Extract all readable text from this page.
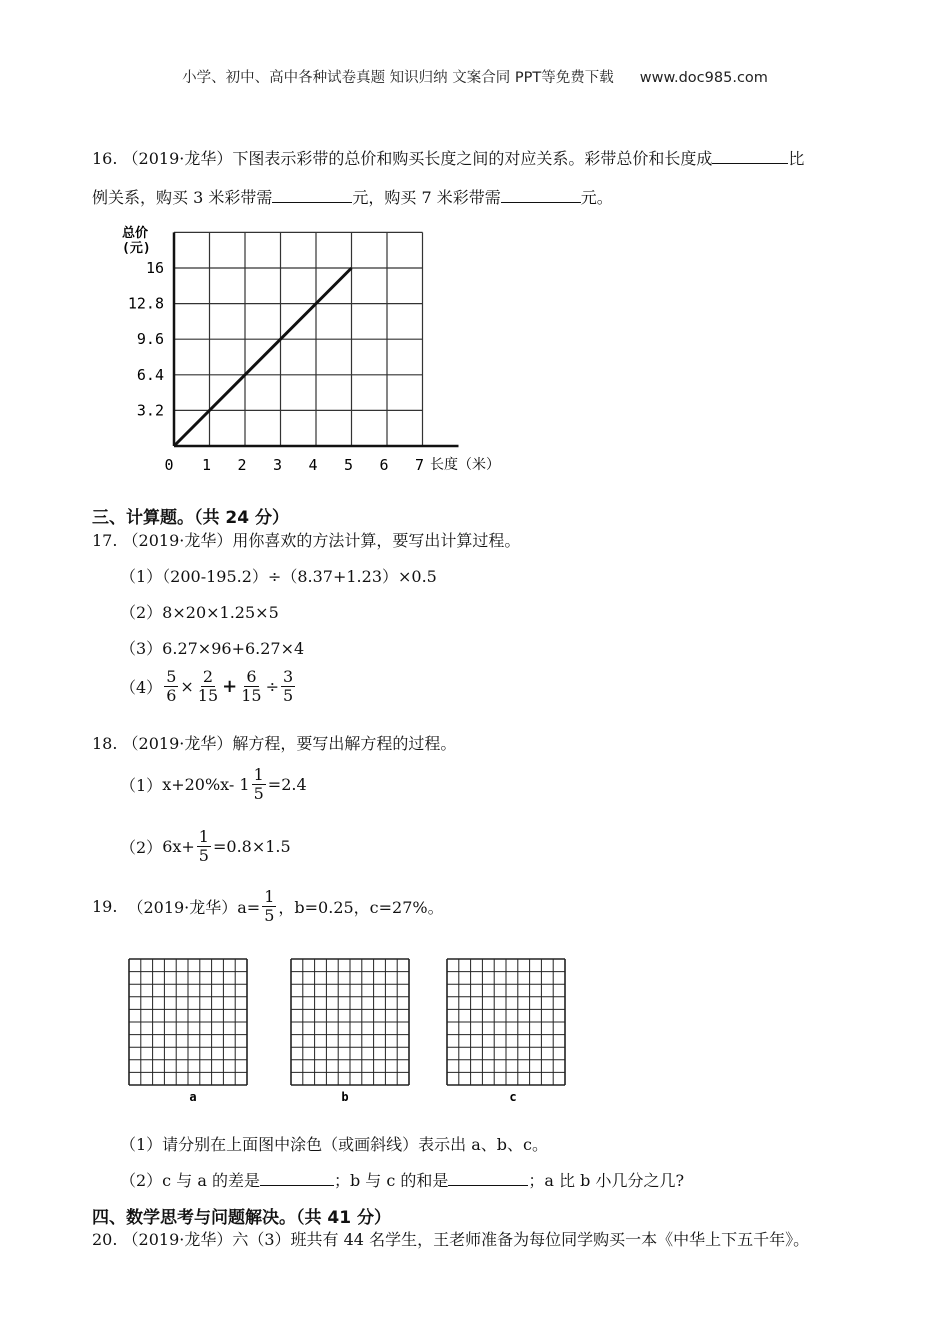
小学、初中、高中各种试卷真题 知识归纳 文案合同 PPT等免费下载 www.doc985.com
16. （2019·龙华）下图表示彩带的总价和购买长度之间的对应关系。彩带总价和长度成	比
例关系，购买 3 米彩带需	元，购买 7 米彩带需	元。
总价
(元)
长度（米）
3.2
6.4
9.6
12.8
16
0 1 2 3 4 5 6 7
三、计算题。（共 24 分）
17. （2019·龙华）用你喜欢的方法计算，要写出计算过程。
（1）（200-195.2）÷（8.37+1.23）×0.5
（2）8×20×1.25×5
（3）6.27×96+6.27×4
$(4) \frac{5}{6} \times \frac{2}{15} + \frac{6}{15} \div \frac{3}{5}$
18. （2019·龙华）解方程，要写出解方程的过程。
（1） x+20%x- $1 \frac{1}{5} =2.4$
（2） $6x+ \frac{1}{5} =0.8\times 1.5$
19. （2019·龙华）$a= \frac{1}{5}$ ，b=0.25，c=27%。
a	b	c
（1）请分别在上面图中涂色（或画斜线）表示出 a、b、c。
（2）c 与 a 的差是	；b 与 c 的和是	；a 比 b 小几分之几?
四、数学思考与问题解决。（共 41 分）
20. （2019·龙华）六（3）班共有 44 名学生，王老师准备为每位同学购买一本《中华上下五千年》。
